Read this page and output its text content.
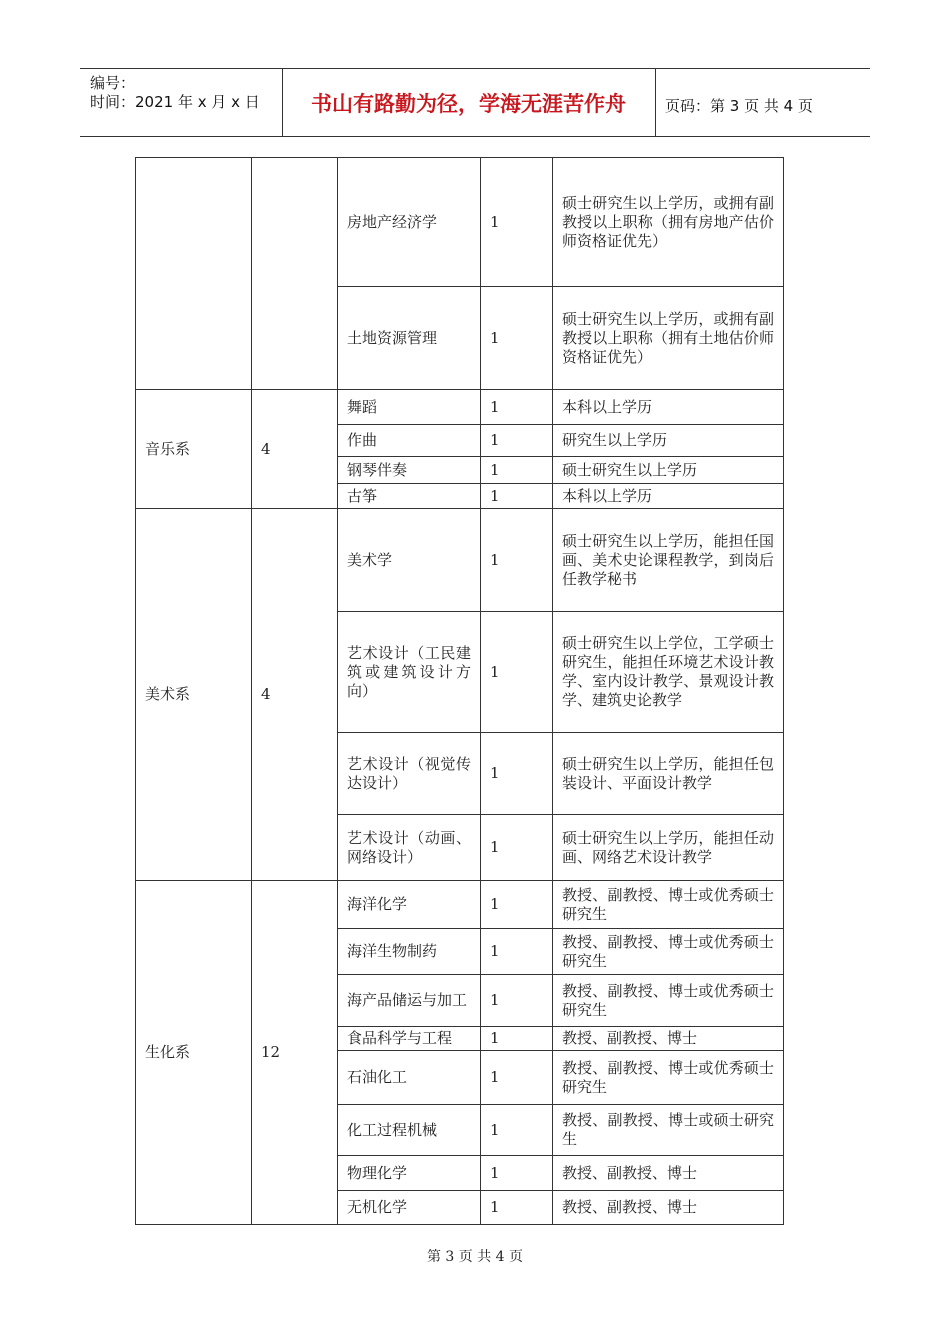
编号：
时间：2021 年 x 月 x 日	书山有路勤为径，学海无涯苦作舟	页码：第 3 页 共 4 页
		房地产经济学	1	硕士研究生以上学历，或拥有副教授以上职称（拥有房地产估价师资格证优先）
		土地资源管理	1	硕士研究生以上学历，或拥有副教授以上职称（拥有土地估价师资格证优先）
音乐系	4	舞蹈	1	本科以上学历
		作曲	1	研究生以上学历
		钢琴伴奏	1	硕士研究生以上学历
		古筝	1	本科以上学历
美术系	4	美术学	1	硕士研究生以上学历，能担任国画、美术史论课程教学，到岗后任教学秘书
		艺术设计（工民建筑或建筑设计方向）	1	硕士研究生以上学位，工学硕士研究生，能担任环境艺术设计教学、室内设计教学、景观设计教学、建筑史论教学
		艺术设计（视觉传达设计）	1	硕士研究生以上学历，能担任包装设计、平面设计教学
		艺术设计（动画、网络设计）	1	硕士研究生以上学历，能担任动画、网络艺术设计教学
生化系	12	海洋化学	1	教授、副教授、博士或优秀硕士研究生
		海洋生物制药	1	教授、副教授、博士或优秀硕士研究生
		海产品储运与加工	1	教授、副教授、博士或优秀硕士研究生
		食品科学与工程	1	教授、副教授、博士
		石油化工	1	教授、副教授、博士或优秀硕士研究生
		化工过程机械	1	教授、副教授、博士或硕士研究生
		物理化学	1	教授、副教授、博士
		无机化学	1	教授、副教授、博士
第 3 页 共 4 页
